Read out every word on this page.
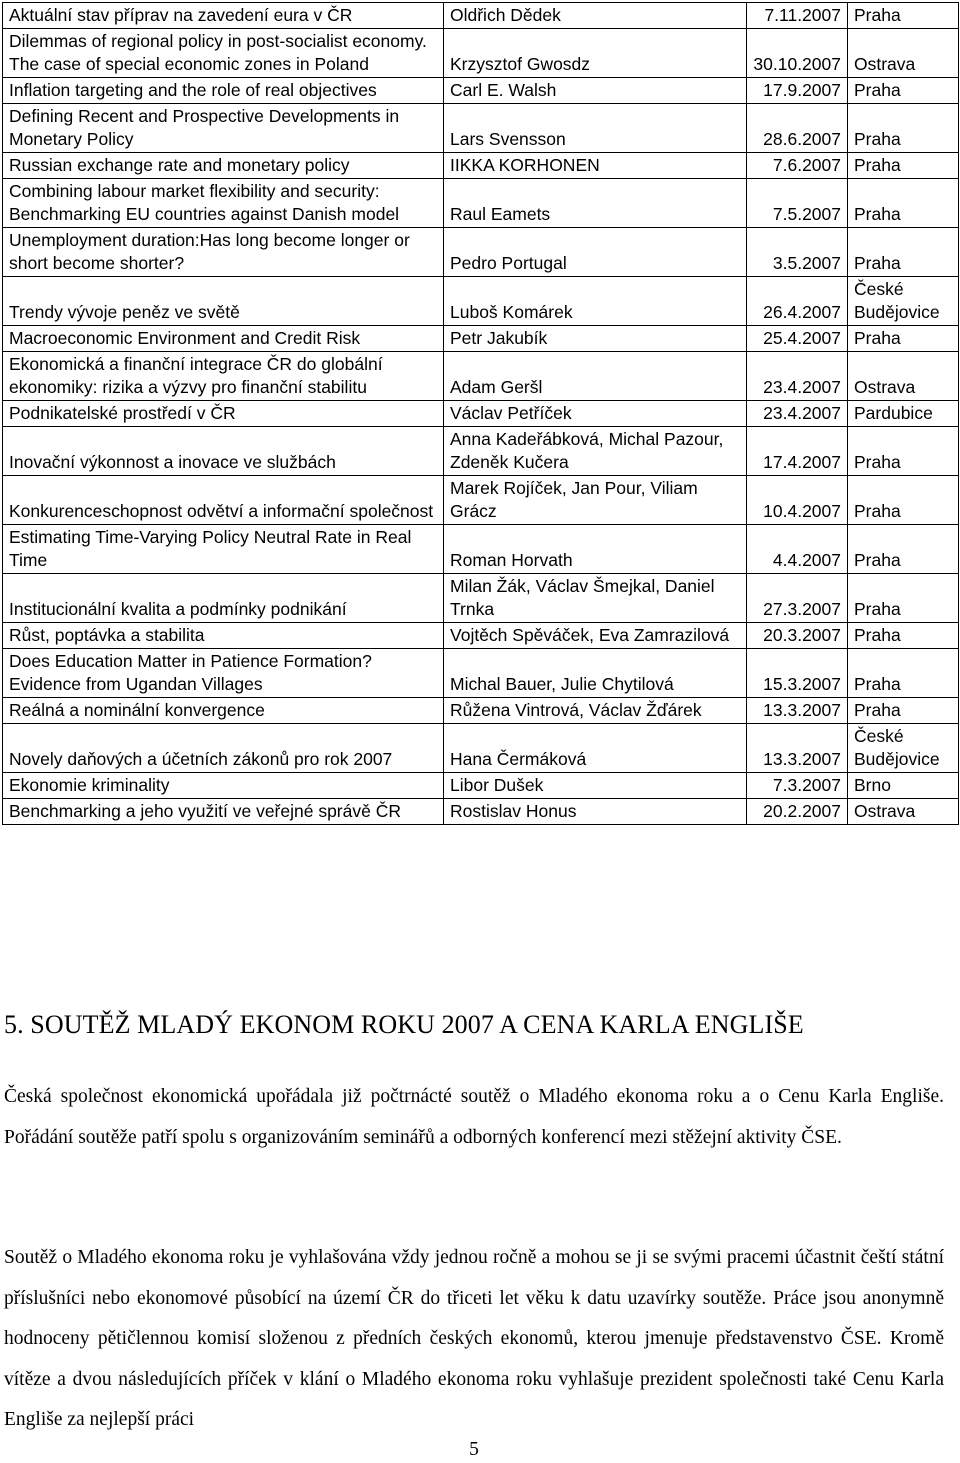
Aktuální stav příprav na zavedení eura v ČR	Oldřich Dědek	7.11.2007	Praha
Dilemmas of regional policy in post-socialist economy. The case of special economic zones in Poland	Krzysztof Gwosdz	30.10.2007	Ostrava
Inflation targeting and the role of real objectives	Carl E. Walsh	17.9.2007	Praha
Defining Recent and Prospective Developments in Monetary Policy	Lars Svensson	28.6.2007	Praha
Russian exchange rate and monetary policy	IIKKA KORHONEN	7.6.2007	Praha
Combining labour market flexibility and security: Benchmarking EU countries against Danish model	Raul Eamets	7.5.2007	Praha
Unemployment duration:Has long become longer or short become shorter?	Pedro Portugal	3.5.2007	Praha
Trendy vývoje peněz ve světě	Luboš Komárek	26.4.2007	České Budějovice
Macroeconomic Environment and Credit Risk	Petr Jakubík	25.4.2007	Praha
Ekonomická a finanční integrace ČR do globální ekonomiky: rizika a výzvy pro finanční stabilitu	Adam Geršl	23.4.2007	Ostrava
Podnikatelské prostředí v ČR	Václav Petříček	23.4.2007	Pardubice
Inovační výkonnost a inovace ve službách	Anna Kadeřábková, Michal Pazour, Zdeněk Kučera	17.4.2007	Praha
Konkurenceschopnost odvětví a informační společnost	Marek Rojíček, Jan Pour, Viliam Grácz	10.4.2007	Praha
Estimating Time-Varying Policy Neutral Rate in Real Time	Roman Horvath	4.4.2007	Praha
Institucionální kvalita a podmínky podnikání	Milan Žák, Václav Šmejkal, Daniel Trnka	27.3.2007	Praha
Růst, poptávka a stabilita	Vojtěch Spěváček, Eva Zamrazilová	20.3.2007	Praha
Does Education Matter in Patience Formation? Evidence from Ugandan Villages	Michal Bauer, Julie Chytilová	15.3.2007	Praha
Reálná a nominální konvergence	Růžena Vintrová, Václav Žďárek	13.3.2007	Praha
Novely daňových a účetních zákonů pro rok 2007	Hana Čermáková	13.3.2007	České Budějovice
Ekonomie kriminality	Libor Dušek	7.3.2007	Brno
Benchmarking a jeho využití ve veřejné správě ČR	Rostislav Honus	20.2.2007	Ostrava
5. SOUTĚŽ MLADÝ EKONOM ROKU 2007 A CENA KARLA ENGLIŠE

Česká společnost ekonomická upořádala již počtrnácté soutěž o Mladého ekonoma roku a o Cenu Karla Engliše. Pořádání soutěže patří spolu s organizováním seminářů a odborných konferencí mezi stěžejní aktivity ČSE.

Soutěž o Mladého ekonoma roku je vyhlašována vždy jednou ročně a mohou se ji se svými pracemi účastnit čeští státní příslušníci nebo ekonomové působící na území ČR do třiceti let věku k datu uzavírky soutěže. Práce jsou anonymně hodnoceny pětičlennou komisí složenou z předních českých ekonomů, kterou jmenuje představenstvo ČSE. Kromě vítěze a dvou následujících příček v klání o Mladého ekonoma roku vyhlašuje prezident společnosti také Cenu Karla Engliše za nejlepší práci

5
